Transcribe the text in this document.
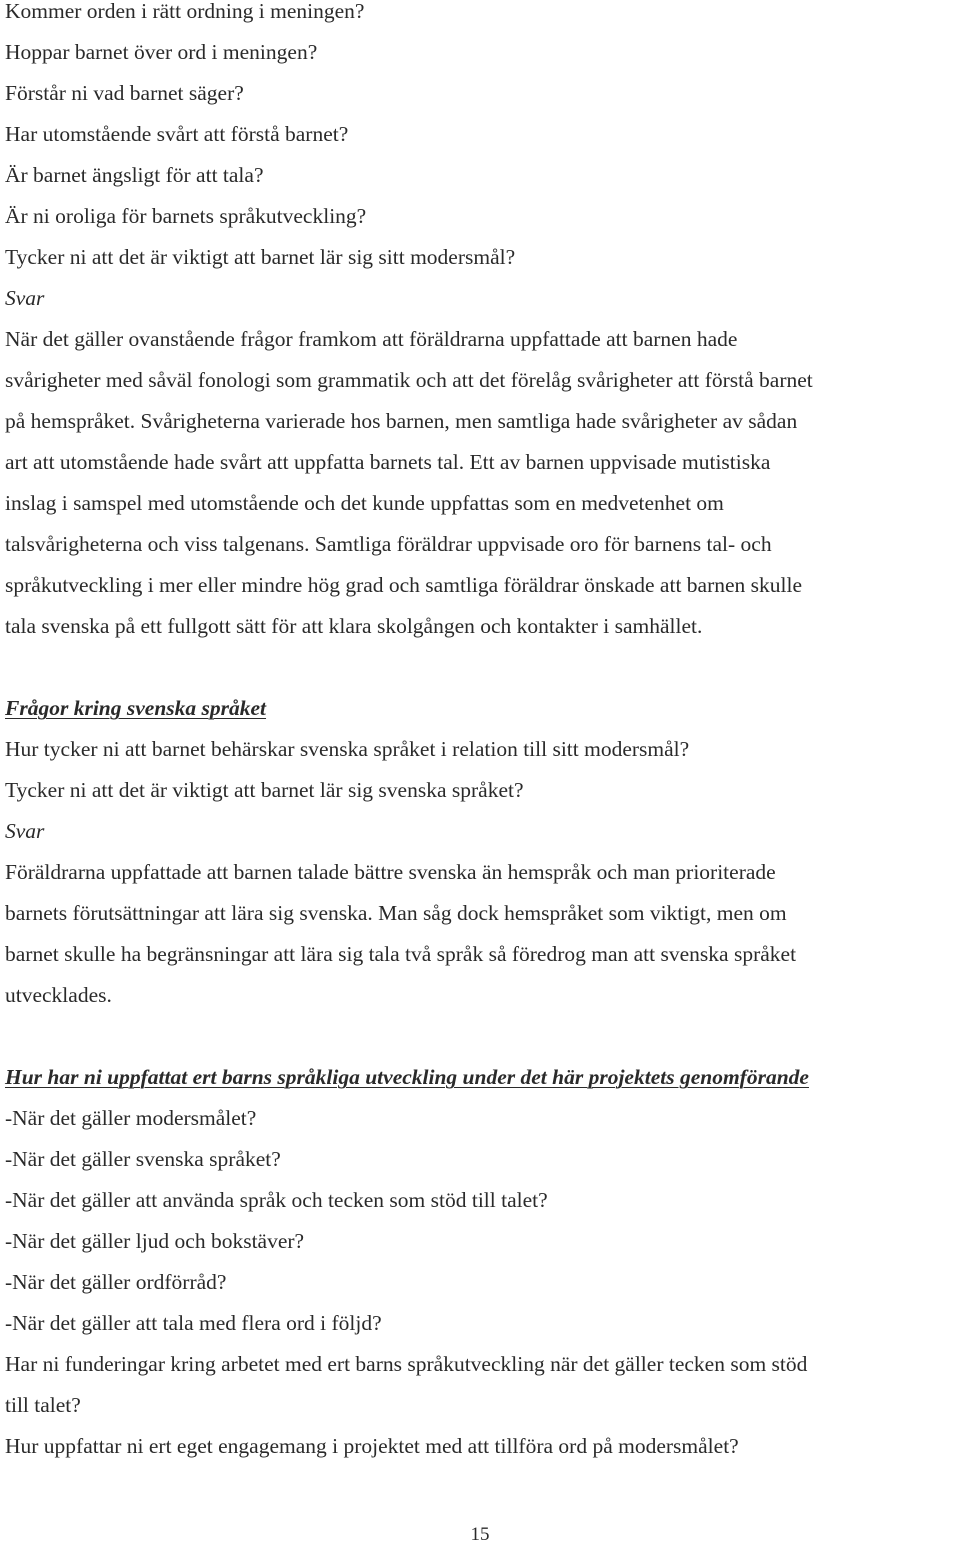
Kommer orden i rätt ordning i meningen?

Hoppar barnet över ord i meningen?

Förstår ni vad barnet säger?

Har utomstående svårt att förstå barnet?

Är barnet ängsligt för att tala?

Är ni oroliga för barnets språkutveckling?

Tycker ni att det är viktigt att barnet lär sig sitt modersmål?

Svar

När det gäller ovanstående frågor framkom att föräldrarna uppfattade att barnen hade

svårigheter med såväl fonologi som grammatik och att det förelåg svårigheter att förstå barnet

på hemspråket. Svårigheterna varierade hos barnen, men samtliga hade svårigheter av sådan

art att utomstående hade svårt att uppfatta barnets tal. Ett av barnen uppvisade mutistiska

inslag i samspel med utomstående och det kunde uppfattas som en medvetenhet om

talsvårigheterna och viss talgenans. Samtliga föräldrar uppvisade oro för barnens tal- och

språkutveckling i mer eller mindre hög grad och samtliga föräldrar önskade att barnen skulle

tala svenska på ett fullgott sätt för att klara skolgången och kontakter i samhället.

Frågor kring svenska språket

Hur tycker ni att barnet behärskar svenska språket i relation till sitt modersmål?

Tycker ni att det är viktigt att barnet lär sig svenska språket?

Svar

Föräldrarna uppfattade att barnen talade bättre svenska än hemspråk och man prioriterade

barnets förutsättningar att lära sig svenska. Man såg dock hemspråket som viktigt, men om

barnet skulle ha begränsningar att lära sig tala två språk så föredrog man att svenska språket

utvecklades.

Hur har ni uppfattat ert barns språkliga utveckling under det här projektets genomförande

-När det gäller modersmålet?

-När det gäller svenska språket?

-När det gäller att använda språk och tecken som stöd till talet?

-När det gäller ljud och bokstäver?

-När det gäller ordförråd?

-När det gäller att tala med flera ord i följd?

Har ni funderingar kring arbetet med ert barns språkutveckling när det gäller tecken som stöd

till talet?

Hur uppfattar ni ert eget engagemang i projektet med att tillföra ord på modersmålet?

15
